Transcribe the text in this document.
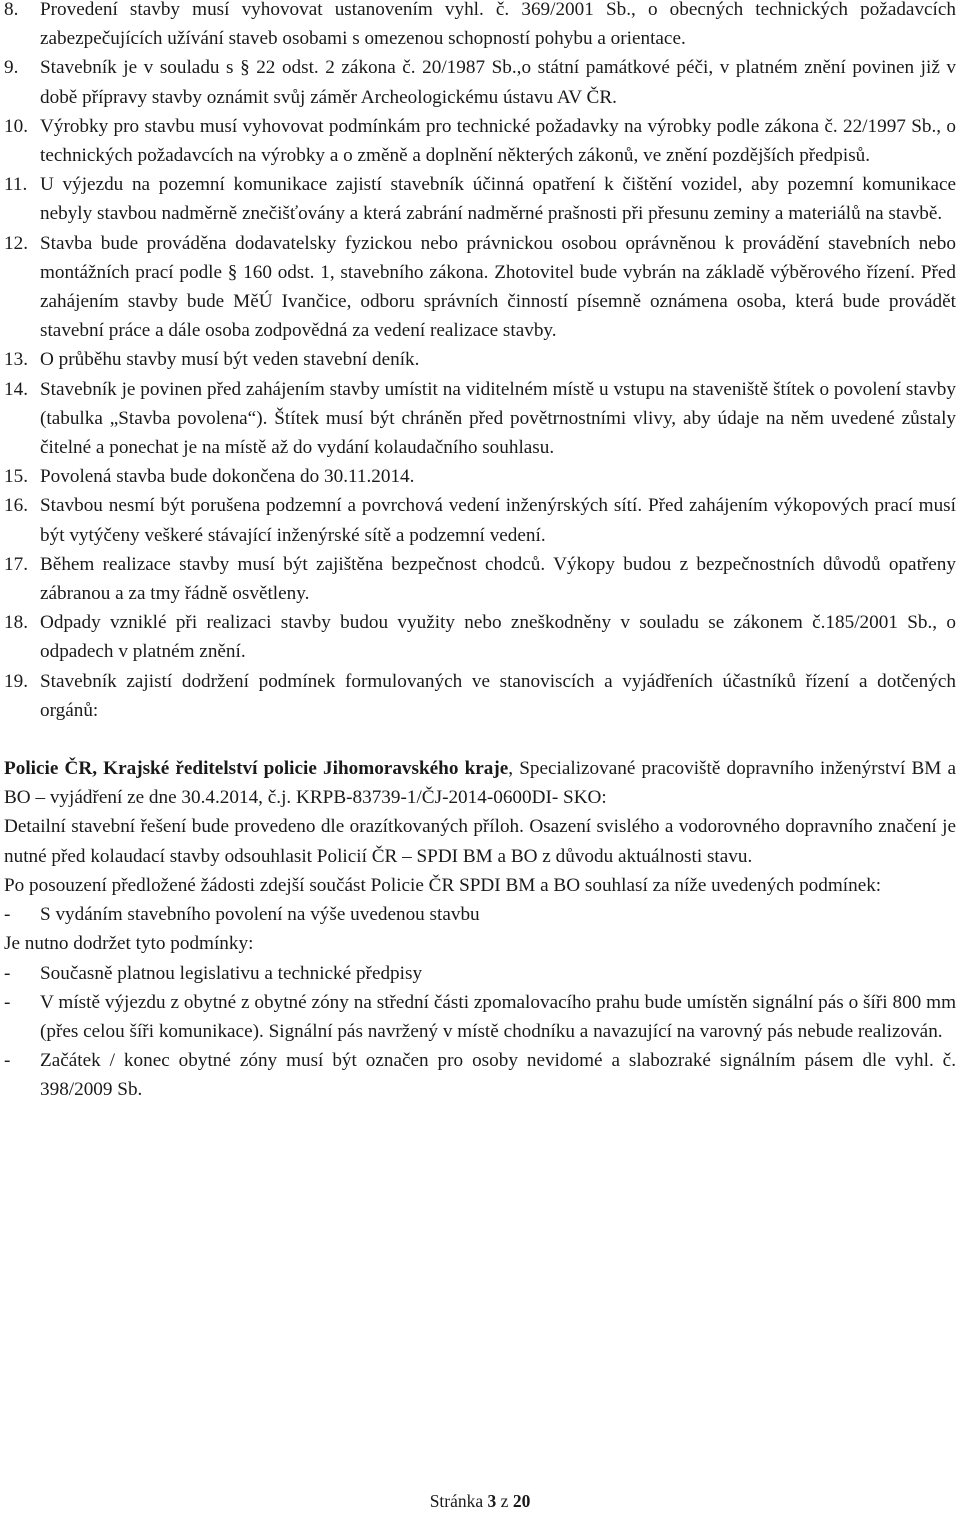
8. Provedení stavby musí vyhovovat ustanovením vyhl. č. 369/2001 Sb., o obecných technických požadavcích zabezpečujících užívání staveb osobami s omezenou schopností pohybu a orientace.
9. Stavebník je v souladu s § 22 odst. 2 zákona č. 20/1987 Sb.,o státní památkové péči, v platném znění povinen již v době přípravy stavby oznámit svůj záměr Archeologickému ústavu AV ČR.
10. Výrobky pro stavbu musí vyhovovat podmínkám pro technické požadavky na výrobky podle zákona č. 22/1997 Sb., o technických požadavcích na výrobky a o změně a doplnění některých zákonů, ve znění pozdějších předpisů.
11. U výjezdu na pozemní komunikace zajistí stavebník účinná opatření k čištění vozidel, aby pozemní komunikace nebyly stavbou nadměrně znečišťovány a která zabrání nadměrné prašnosti při přesunu zeminy a materiálů na stavbě.
12. Stavba bude prováděna dodavatelsky fyzickou nebo právnickou osobou oprávněnou k provádění stavebních nebo montážních prací podle § 160 odst. 1, stavebního zákona. Zhotovitel bude vybrán na základě výběrového řízení. Před zahájením stavby bude MěÚ Ivančice, odboru správních činností písemně oznámena osoba, která bude provádět stavební práce a dále osoba zodpovědná za vedení realizace stavby.
13. O průběhu stavby musí být veden stavební deník.
14. Stavebník je povinen před zahájením stavby umístit na viditelném místě u vstupu na staveniště štítek o povolení stavby (tabulka „Stavba povolena“). Štítek musí být chráněn před povětrnostními vlivy, aby údaje na něm uvedené zůstaly čitelné a ponechat je na místě až do vydání kolaudačního souhlasu.
15. Povolená stavba bude dokončena do 30.11.2014.
16. Stavbou nesmí být porušena podzemní a povrchová vedení inženýrských sítí. Před zahájením výkopových prací musí být vytýčeny veškeré stávající inženýrské sítě a podzemní vedení.
17. Během realizace stavby musí být zajištěna bezpečnost chodců. Výkopy budou z bezpečnostních důvodů opatřeny zábranou a za tmy řádně osvětleny.
18. Odpady vzniklé při realizaci stavby budou využity nebo zneškodněny v souladu se zákonem č.185/2001 Sb., o odpadech v platném znění.
19. Stavebník zajistí dodržení podmínek formulovaných ve stanoviscích a vyjádřeních účastníků řízení a dotčených orgánů:

Policie ČR, Krajské ředitelství policie Jihomoravského kraje, Specializované pracoviště dopravního inženýrství BM a BO – vyjádření ze dne 30.4.2014, č.j. KRPB-83739-1/ČJ-2014-0600DI- SKO:

Detailní stavební řešení bude provedeno dle orazítkovaných příloh. Osazení svislého a vodorovného dopravního značení je nutné před kolaudací stavby odsouhlasit Policií ČR – SPDI BM a BO z důvodu aktuálnosti stavu.

Po posouzení předložené žádosti zdejší součást Policie ČR SPDI BM a BO souhlasí za níže uvedených podmínek:

- S vydáním stavebního povolení na výše uvedenou stavbu

Je nutno dodržet tyto podmínky:

- Současně platnou legislativu a technické předpisy
- V místě výjezdu z obytné z obytné zóny na střední části zpomalovacího prahu bude umístěn signální pás o šíři 800 mm (přes celou šíři komunikace). Signální pás navržený v místě chodníku a navazující na varovný pás nebude realizován.
- Začátek / konec obytné zóny musí být označen pro osoby nevidomé a slabozraké signálním pásem dle vyhl. č. 398/2009 Sb.
Stránka 3 z 20
